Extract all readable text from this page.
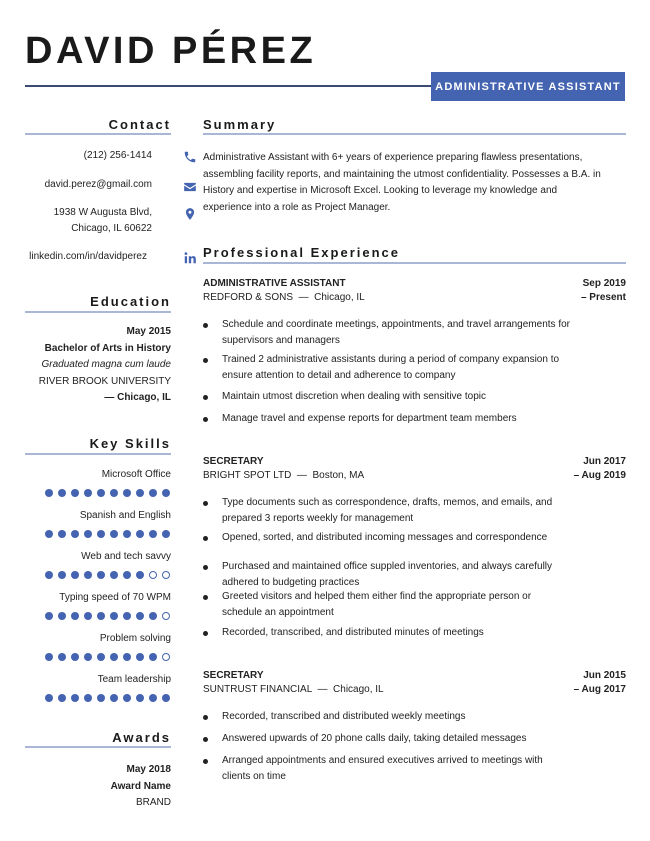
DAVID PÉREZ
ADMINISTRATIVE ASSISTANT
Contact
(212) 256-1414
david.perez@gmail.com
1938 W Augusta Blvd,
Chicago, IL 60622
linkedin.com/in/davidperez
Education
May 2015
Bachelor of Arts in History
Graduated magna cum laude
RIVER BROOK UNIVERSITY
— Chicago, IL
Key Skills
Microsoft Office
Spanish and English
Web and tech savvy
Typing speed of 70 WPM
Problem solving
Team leadership
Awards
May 2018
Award Name
BRAND
Summary
Administrative Assistant with 6+ years of experience preparing flawless presentations, assembling facility reports, and maintaining the utmost confidentiality. Possesses a B.A. in History and expertise in Microsoft Excel. Looking to leverage my knowledge and experience into a role as Project Manager.
Professional Experience
ADMINISTRATIVE ASSISTANT
REDFORD & SONS  —  Chicago, IL
Sep 2019
– Present
Schedule and coordinate meetings, appointments, and travel arrangements for supervisors and managers
Trained 2 administrative assistants during a period of company expansion to ensure attention to detail and adherence to company
Maintain utmost discretion when dealing with sensitive topic
Manage travel and expense reports for department team members
SECRETARY
BRIGHT SPOT LTD  —  Boston, MA
Jun 2017
– Aug 2019
Type documents such as correspondence, drafts, memos, and emails, and prepared 3 reports weekly for management
Opened, sorted, and distributed incoming messages and correspondence
Purchased and maintained office suppled inventories, and always carefully adhered to budgeting practices
Greeted visitors and helped them either find the appropriate person or schedule an appointment
Recorded, transcribed, and distributed minutes of meetings
SECRETARY
SUNTRUST FINANCIAL  —  Chicago, IL
Jun 2015
– Aug 2017
Recorded, transcribed and distributed weekly meetings
Answered upwards of 20 phone calls daily, taking detailed messages
Arranged appointments and ensured executives arrived to meetings with clients on time
